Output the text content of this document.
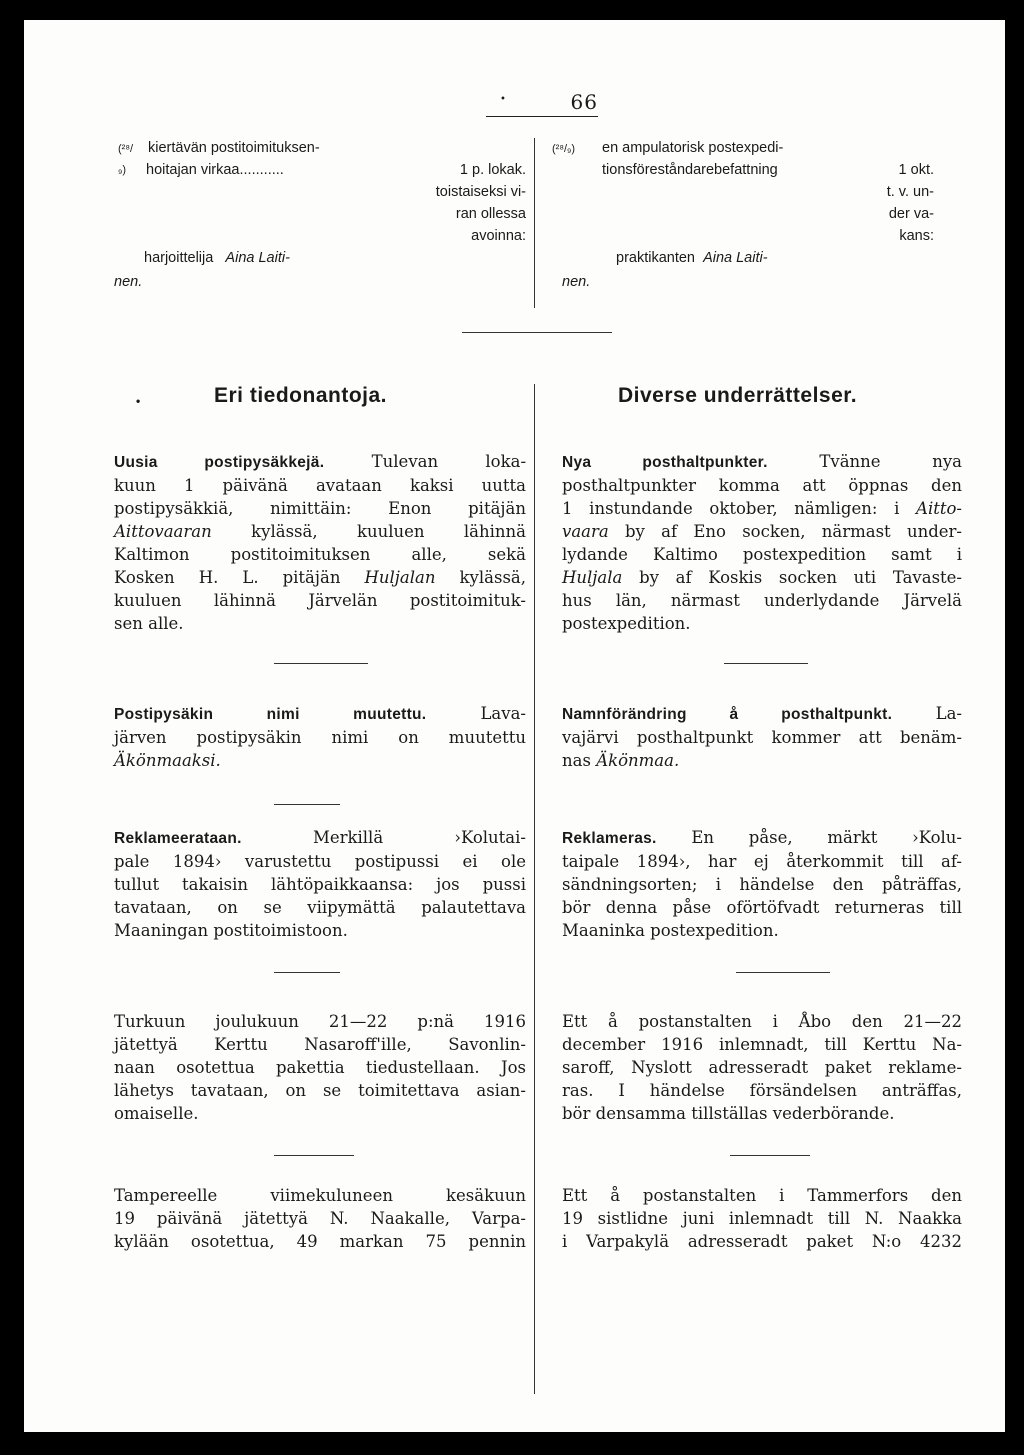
•	66
(²⁸/₉)
kiertävän postitoimituksen-
hoitajan virkaa...........	1 p. lokak.
toistaiseksi vi-
ran ollessa
avoinna:
harjoittelija Aina Laiti-
nen.
(²⁸/₉)	en ampulatorisk postexpedi-
tionsföreståndarebefattning	1 okt.
t. v. un-
der va-
kans:
praktikanten Aina Laiti-
nen.
•	Eri tiedonantoja.	Diverse underrättelser.
Uusia postipysäkkejä.	Tulevan loka-
kuun 1 päivänä avataan kaksi uutta
postipysäkkiä, nimittäin: Enon pitäjän
Aittovaaran kylässä, kuuluen lähinnä
Kaltimon postitoimituksen alle, sekä
Kosken H. L. pitäjän Huljalan kylässä,
kuuluen lähinnä Järvelän postitoimituk-
sen alle.
Nya posthaltpunkter.	Tvänne nya
posthaltpunkter komma att öppnas den
1 instundande oktober, nämligen: i Aitto-
vaara by af Eno socken, närmast under-
lydande Kaltimo postexpedition samt i
Huljala by af Koskis socken uti Tavaste-
hus län, närmast underlydande Järvelä
postexpedition.
Postipysäkin nimi muutettu.	Lava-
järven postipysäkin nimi on muutettu
Äkönmaaksi.
Namnförändring å posthaltpunkt.	La-
vajärvi posthaltpunkt kommer att benäm-
nas Äkönmaa.
Reklameerataan.	Merkillä ›Kolutai-
pale 1894› varustettu postipussi ei ole
tullut takaisin lähtöpaikkaansa: jos pussi
tavataan, on se viipymättä palautettava
Maaningan postitoimistoon.
Reklameras. En påse, märkt ›Kolu-
taipale 1894›, har ej återkommit till af-
sändningsorten; i händelse den påträffas,
bör denna påse oförtöfvadt returneras till
Maaninka postexpedition.
Turkuun joulukuun 21—22 p:nä 1916
jätettyä Kerttu Nasaroff'ille, Savonlin-
naan osotettua pakettia tiedustellaan. Jos
lähetys tavataan, on se toimitettava asian-
omaiselle.
Ett å postanstalten i Åbo den 21—22
december 1916 inlemnadt, till Kerttu Na-
saroff, Nyslott adresseradt paket reklame-
ras. I händelse försändelsen anträffas,
bör densamma tillställas vederbörande.
Tampereelle viimekuluneen kesäkuun
19 päivänä jätettyä N. Naakalle, Varpa-
kylään osotettua, 49 markan 75 pennin
Ett å postanstalten i Tammerfors den
19 sistlidne juni inlemnadt till N. Naakka
i Varpakylä adresseradt paket N:o 4232
